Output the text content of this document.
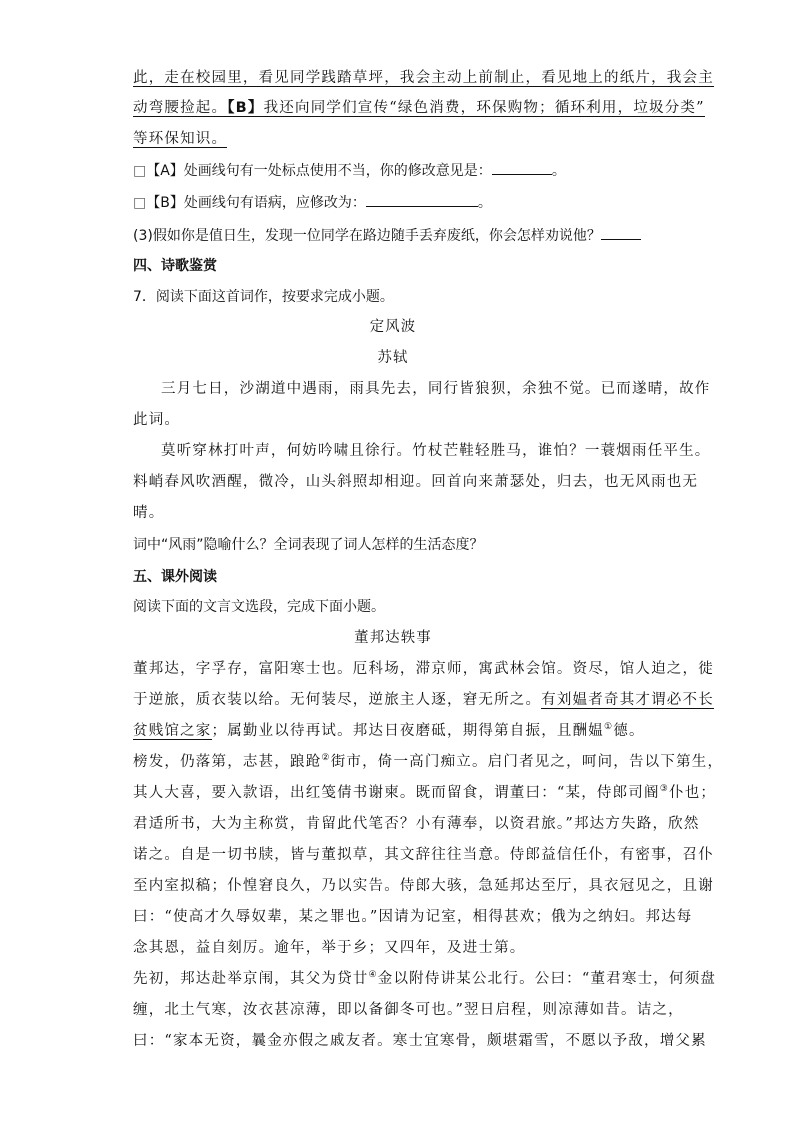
此，走在校园里，看见同学践踏草坪，我会主动上前制止，看见地上的纸片，我会主
动弯腰捡起。【B】我还向同学们宣传“绿色消费，环保购物；循环利用，垃圾分类”
等环保知识。
□【A】处画线句有一处标点使用不当，你的修改意见是：	。
□【B】处画线句有语病，应修改为：	。
(3)假如你是值日生，发现一位同学在路边随手丢弃废纸，你会怎样劝说他？
四、诗歌鉴赏
7．阅读下面这首词作，按要求完成小题。
定风波
苏轼
三月七日，沙湖道中遇雨，雨具先去，同行皆狼狈，余独不觉。已而遂晴，故作
此词。
莫听穿林打叶声，何妨吟啸且徐行。竹杖芒鞋轻胜马，谁怕？一蓑烟雨任平生。
料峭春风吹酒醒，微冷，山头斜照却相迎。回首向来萧瑟处，归去，也无风雨也无
晴。
词中“风雨”隐喻什么？全词表现了词人怎样的生活态度？
五、课外阅读
阅读下面的文言文选段，完成下面小题。
董邦达轶事
董邦达，字孚存，富阳寒士也。厄科场，滞京师，寓武林会馆。资尽，馆人迫之，徙
于逆旅，质衣装以给。无何装尽，逆旅主人逐，窘无所之。有刘媪者奇其才谓必不长
贫贱馆之家；属勤业以待再试。邦达日夜磨砥，期得第自振，且酬媪①德。
榜发，仍落第，志甚，踉跄②街市，倚一高门痴立。启门者见之，呵问，告以下第生，
其人大喜，要入款语，出红笺倩书谢柬。既而留食，谓董曰：“某，侍郎司阍③仆也；
君适所书，大为主称赏，肯留此代笔否？小有薄奉，以资君旅。”邦达方失路，欣然
诺之。自是一切书牍，皆与董拟草，其文辞往往当意。侍郎益信任仆，有密事，召仆
至内室拟稿；仆惶窘良久，乃以实告。侍郎大骇，急延邦达至厅，具衣冠见之，且谢
曰：“使高才久辱奴辈，某之罪也。”因请为记室，相得甚欢；俄为之纳妇。邦达每
念其恩，益自刻厉。逾年，举于乡；又四年，及进士第。
先初，邦达赴举京闱，其父为贷廿④金以附侍讲某公北行。公曰：“董君寒士，何须盘
缠，北土气寒，汝衣甚凉薄，即以备御冬可也。”翌日启程，则凉薄如昔。诘之，
曰：“家本无资，曩金亦假之戚友者。寒士宜寒骨，颇堪霜雪，不愿以予敌，增父累
